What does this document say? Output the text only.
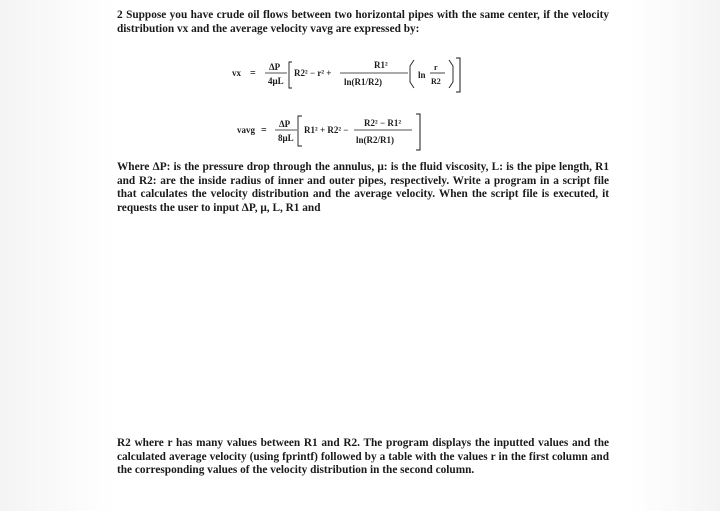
2 Suppose you have crude oil flows between two horizontal pipes with the same center, if the velocity distribution vx and the average velocity vavg are expressed by:
vx =
ΔP
4μL
R2² − r² +
R1²
ln(R1/R2)
ln
r
R2
vavg =
ΔP
8μL
R1² + R2² −
R2² − R1²
ln(R2/R1)
Where ΔP: is the pressure drop through the annulus, μ: is the fluid viscosity, L: is the pipe length, R1 and R2: are the inside radius of inner and outer pipes, respectively. Write a program in a script file that calculates the velocity distribution and the average velocity. When the script file is executed, it requests the user to input ΔP, μ, L, R1 and
R2 where r has many values between R1 and R2. The program displays the inputted values and the calculated average velocity (using fprintf) followed by a table with the values r in the first column and the corresponding values of the velocity distribution in the second column.
